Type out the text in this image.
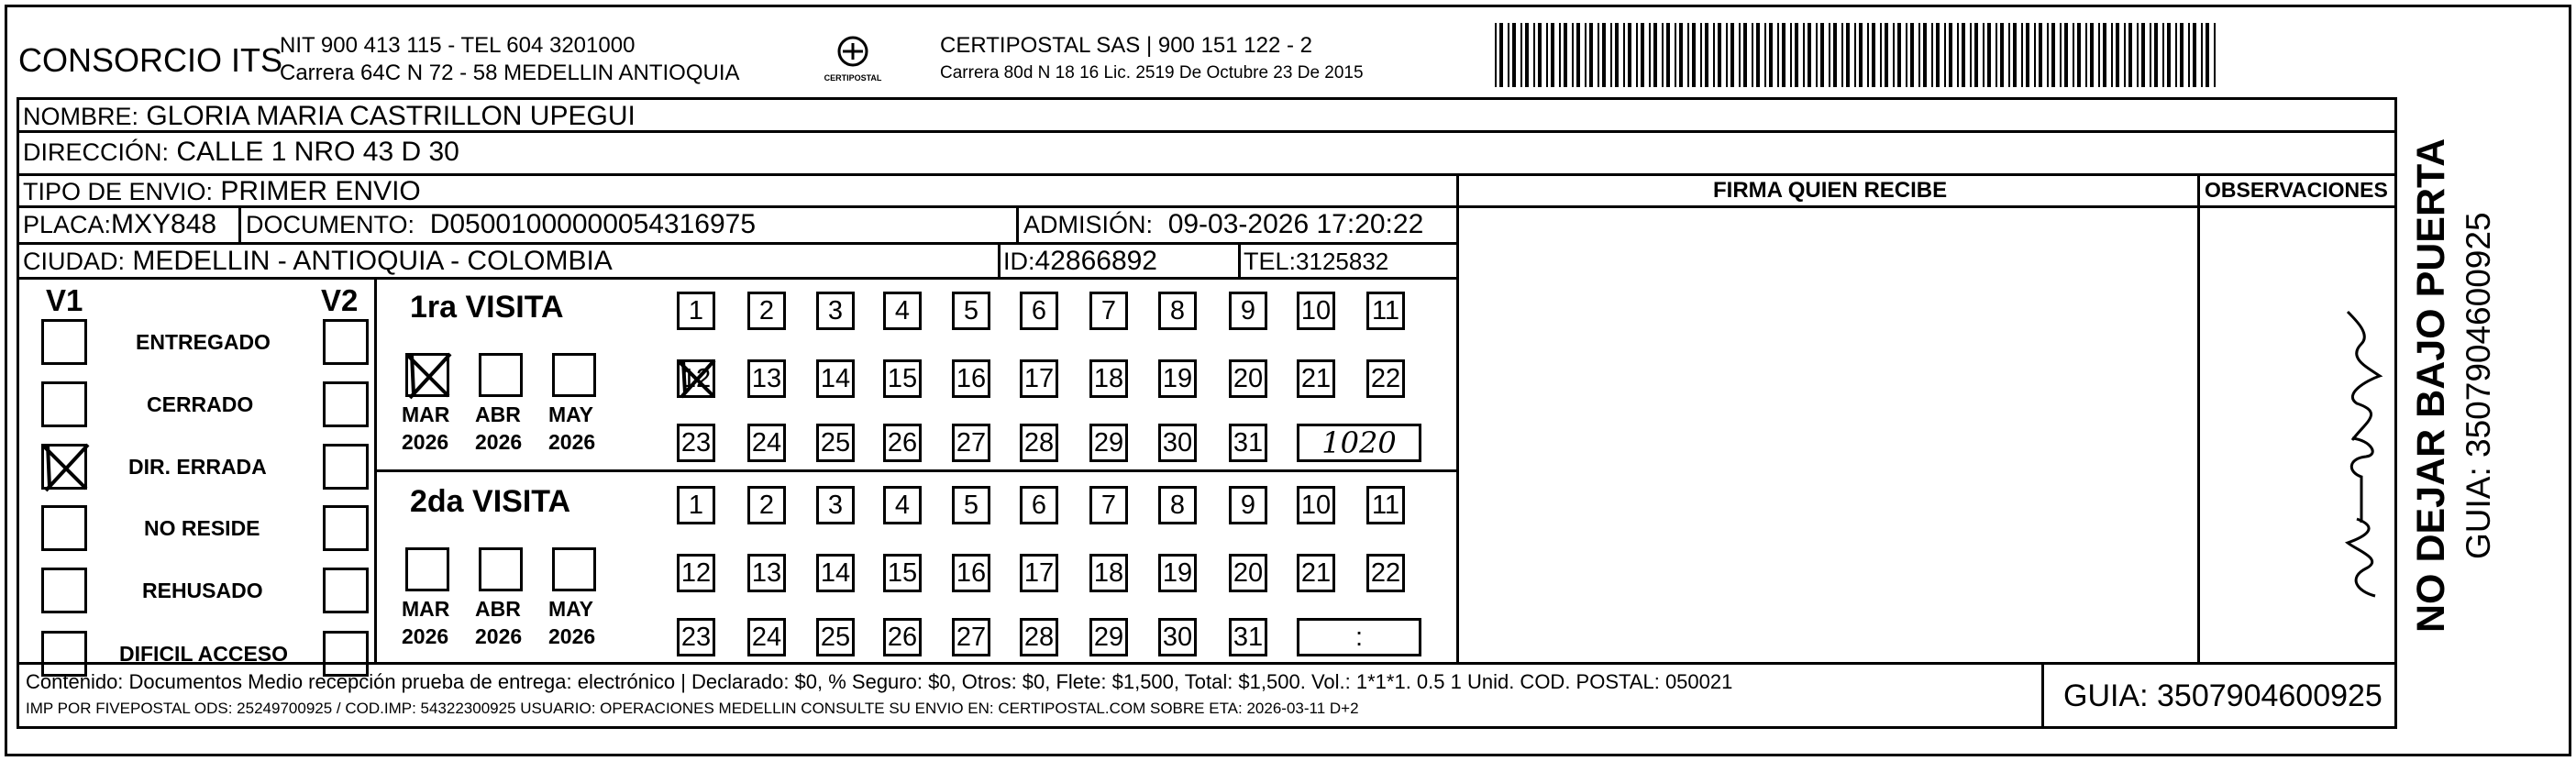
CONSORCIO ITS
NIT 900 413 115 - TEL 604 3201000
Carrera 64C N 72 - 58 MEDELLIN ANTIOQUIA	CERTIPOSTAL
CERTIPOSTAL SAS | 900 151 122 - 2
Carrera 80d N 18 16 Lic. 2519 De Octubre 23 De 2015
NOMBRE: GLORIA MARIA CASTRILLON UPEGUI
DIRECCIÓN: CALLE 1 NRO 43 D 30
TIPO DE ENVIO: PRIMER ENVIO
PLACA:MXY848 DOCUMENTO: D05001000000054316975	ADMISIÓN: 09-03-2026 17:20:22
CIUDAD: MEDELLIN - ANTIOQUIA - COLOMBIA	ID:42866892	TEL:3125832
FIRMA QUIEN RECIBE	OBSERVACIONES NO DEJAR BAJO PUERTA GUIA: 3507904600925
V1	V2
ENTREGADO
CERRADO
DIR. ERRADA
NO RESIDE
REHUSADO
DIFICIL ACCESO
1ra VISITA
MAR
2026
ABR
2026
MAY
2026
1 2 3 4 5 6 7 8 9 10 11
12 13 14 15 16 17 18 19 20 21 22
23 24 25 26 27 28 29 30 31 1020
2da VISITA
MAR
2026
ABR
2026
MAY
2026
1 2 3 4 5 6 7 8 9 10 11
12 13 14 15 16 17 18 19 20 21 22
23 24 25 26 27 28 29 30 31	:
Contenido: Documentos Medio recepción prueba de entrega: electrónico | Declarado: $0, % Seguro: $0, Otros: $0, Flete: $1,500, Total: $1,500. Vol.: 1*1*1. 0.5 1 Unid. COD. POSTAL: 050021
IMP POR FIVEPOSTAL ODS: 25249700925 / COD.IMP: 54322300925 USUARIO: OPERACIONES MEDELLIN CONSULTE SU ENVIO EN: CERTIPOSTAL.COM SOBRE ETA: 2026-03-11 D+2	GUIA: 3507904600925
